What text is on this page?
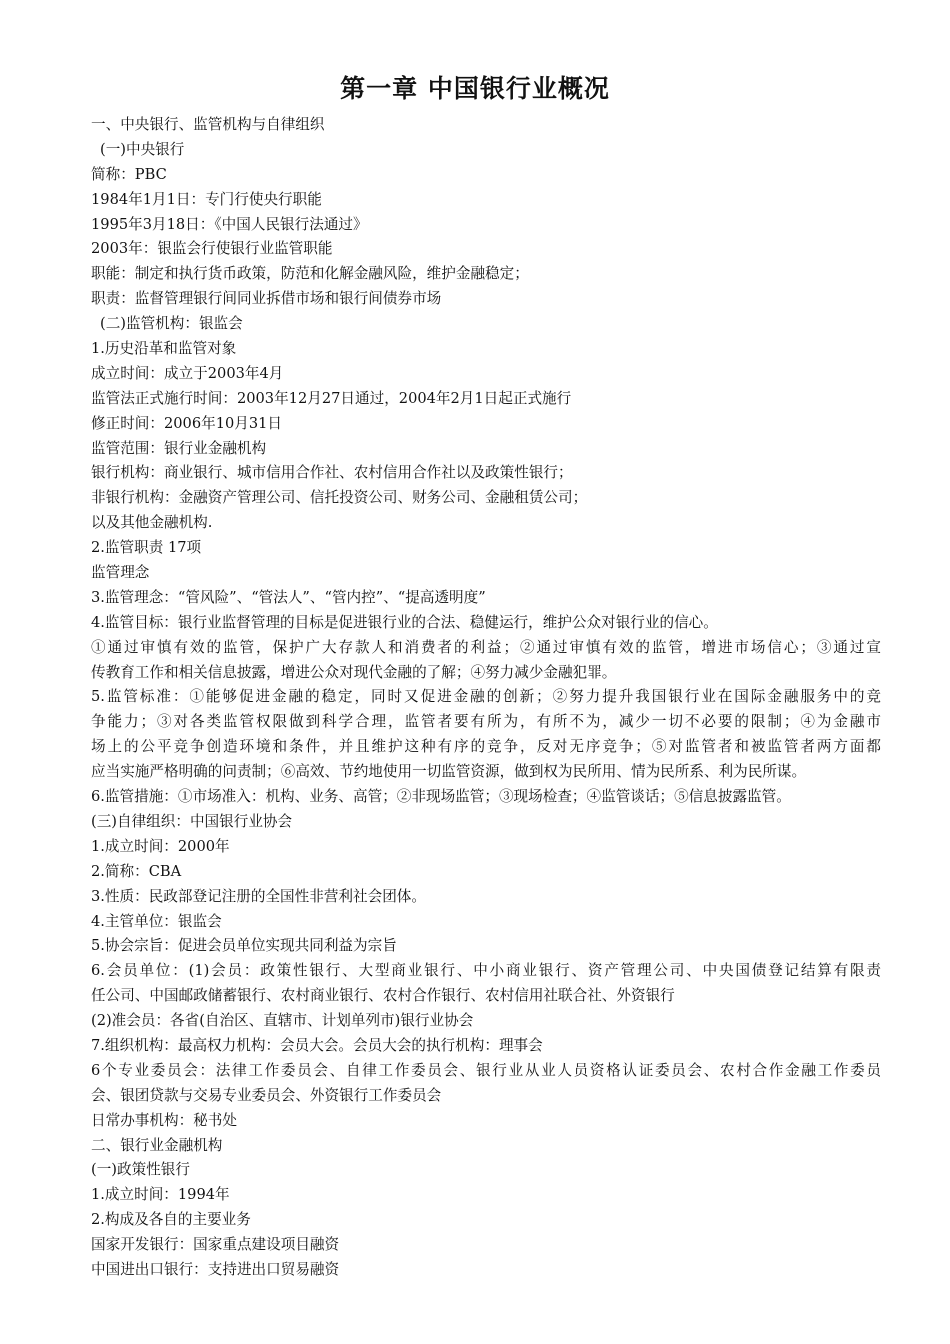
第一章 中国银行业概况
一、中央银行、监管机构与自律组织
(一)中央银行
简称：PBC
1984年1月1日：专门行使央行职能
1995年3月18日：《中国人民银行法通过》
2003年：银监会行使银行业监管职能
职能：制定和执行货币政策，防范和化解金融风险，维护金融稳定；
职责：监督管理银行间同业拆借市场和银行间债券市场
(二)监管机构：银监会
1.历史沿革和监管对象
成立时间：成立于2003年4月
监管法正式施行时间：2003年12月27日通过，2004年2月1日起正式施行
修正时间：2006年10月31日
监管范围：银行业金融机构
银行机构：商业银行、城市信用合作社、农村信用合作社以及政策性银行；
非银行机构：金融资产管理公司、信托投资公司、财务公司、金融租赁公司；
以及其他金融机构.
2.监管职责 17项
监管理念
3.监管理念：“管风险”、“管法人”、“管内控”、“提高透明度”
4.监管目标：银行业监督管理的目标是促进银行业的合法、稳健运行，维护公众对银行业的信心。
①通过审慎有效的监管，保护广大存款人和消费者的利益；②通过审慎有效的监管，增进市场信心；③通过宣
传教育工作和相关信息披露，增进公众对现代金融的了解；④努力减少金融犯罪。
5.监管标准：①能够促进金融的稳定，同时又促进金融的创新；②努力提升我国银行业在国际金融服务中的竞
争能力；③对各类监管权限做到科学合理，监管者要有所为，有所不为，减少一切不必要的限制；④为金融市
场上的公平竞争创造环境和条件，并且维护这种有序的竞争，反对无序竞争；⑤对监管者和被监管者两方面都
应当实施严格明确的问责制；⑥高效、节约地使用一切监管资源，做到权为民所用、情为民所系、利为民所谋。
6.监管措施：①市场准入：机构、业务、高管；②非现场监管；③现场检查；④监管谈话；⑤信息披露监管。
(三)自律组织：中国银行业协会
1.成立时间：2000年
2.简称：CBA
3.性质：民政部登记注册的全国性非营利社会团体。
4.主管单位：银监会
5.协会宗旨：促进会员单位实现共同利益为宗旨
6.会员单位：(1)会员：政策性银行、大型商业银行、中小商业银行、资产管理公司、中央国债登记结算有限责
任公司、中国邮政储蓄银行、农村商业银行、农村合作银行、农村信用社联合社、外资银行
(2)准会员：各省(自治区、直辖市、计划单列市)银行业协会
7.组织机构：最高权力机构：会员大会。会员大会的执行机构：理事会
6个专业委员会：法律工作委员会、自律工作委员会、银行业从业人员资格认证委员会、农村合作金融工作委员
会、银团贷款与交易专业委员会、外资银行工作委员会
日常办事机构：秘书处
二、银行业金融机构
(一)政策性银行
1.成立时间：1994年
2.构成及各自的主要业务
国家开发银行：国家重点建设项目融资
中国进出口银行：支持进出口贸易融资
